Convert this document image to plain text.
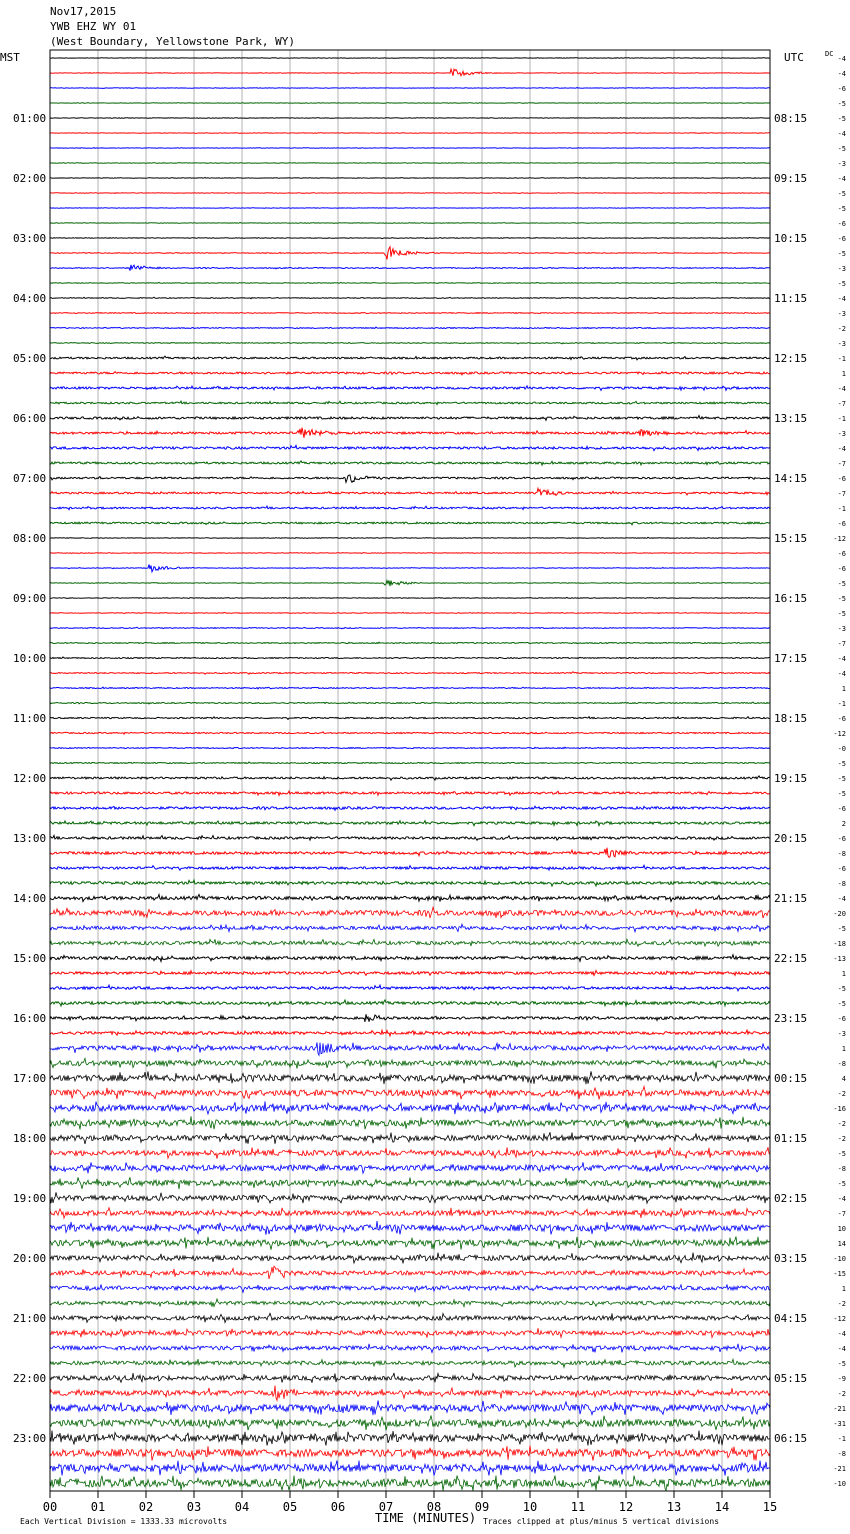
Nov17,2015
YWB EHZ WY 01
(West Boundary, Yellowstone Park, WY)
MST	UTC	DC
01:00
02:00
03:00
04:00
05:00
06:00
07:00
08:00
09:00
10:00
11:00
12:00
13:00
14:00
15:00
16:00
17:00
18:00
19:00
20:00
21:00
22:00
23:00
08:15
09:15
10:15
11:15
12:15
13:15
14:15
15:15
16:15
17:15
18:15
19:15
20:15
21:15
22:15
23:15
00:15
01:15
02:15
03:15
04:15
05:15
06:15
-4
-4
-6
-5
-5
-4
-5
-3
-4
-5
-5
-6
-6
-5
-3
-5
-4
-3
-2
-3
-1
1
-4
-7
-1
-3
-4
-7
-6
-7
-1
-6
-12
-6
-6
-5
-5
-5
-3
-7
-4
-4
1
-1
-6
-12
-0
-5
-5
-5
-6
2
-6
-8
-6
-8
-4
-20
-5
-18
-13
1
-5
-5
-6
-3
1
-8
4
-2
-16
-2
-2
-5
-8
-5
-4
-7
10
14
-10
-15
1
-2
-12
-4
-4
-5
-9
-2
-21
-31
-1
-8
-21
-10
00	01	02	03	04	05	06	07	08	09	10	11	12	13	14	15
TIME (MINUTES)
Each Vertical Division = 1333.33 microvolts	Traces clipped at plus/minus 5 vertical divisions
